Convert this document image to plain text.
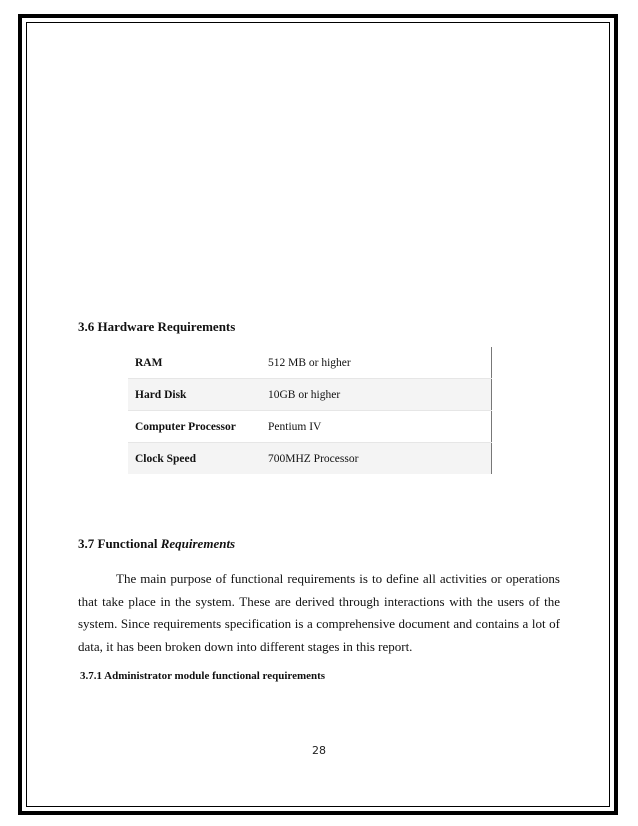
3.6 Hardware Requirements
RAM	512 MB or higher
Hard Disk	10GB or higher
Computer Processor	Pentium IV
Clock Speed	700MHZ Processor
3.7 Functional Requirements

The main purpose of functional requirements is to define all activities or operations that take place in the system. These are derived through interactions with the users of the system. Since requirements specification is a comprehensive document and contains a lot of data, it has been broken down into different stages in this report.

3.7.1 Administrator module functional requirements
28
